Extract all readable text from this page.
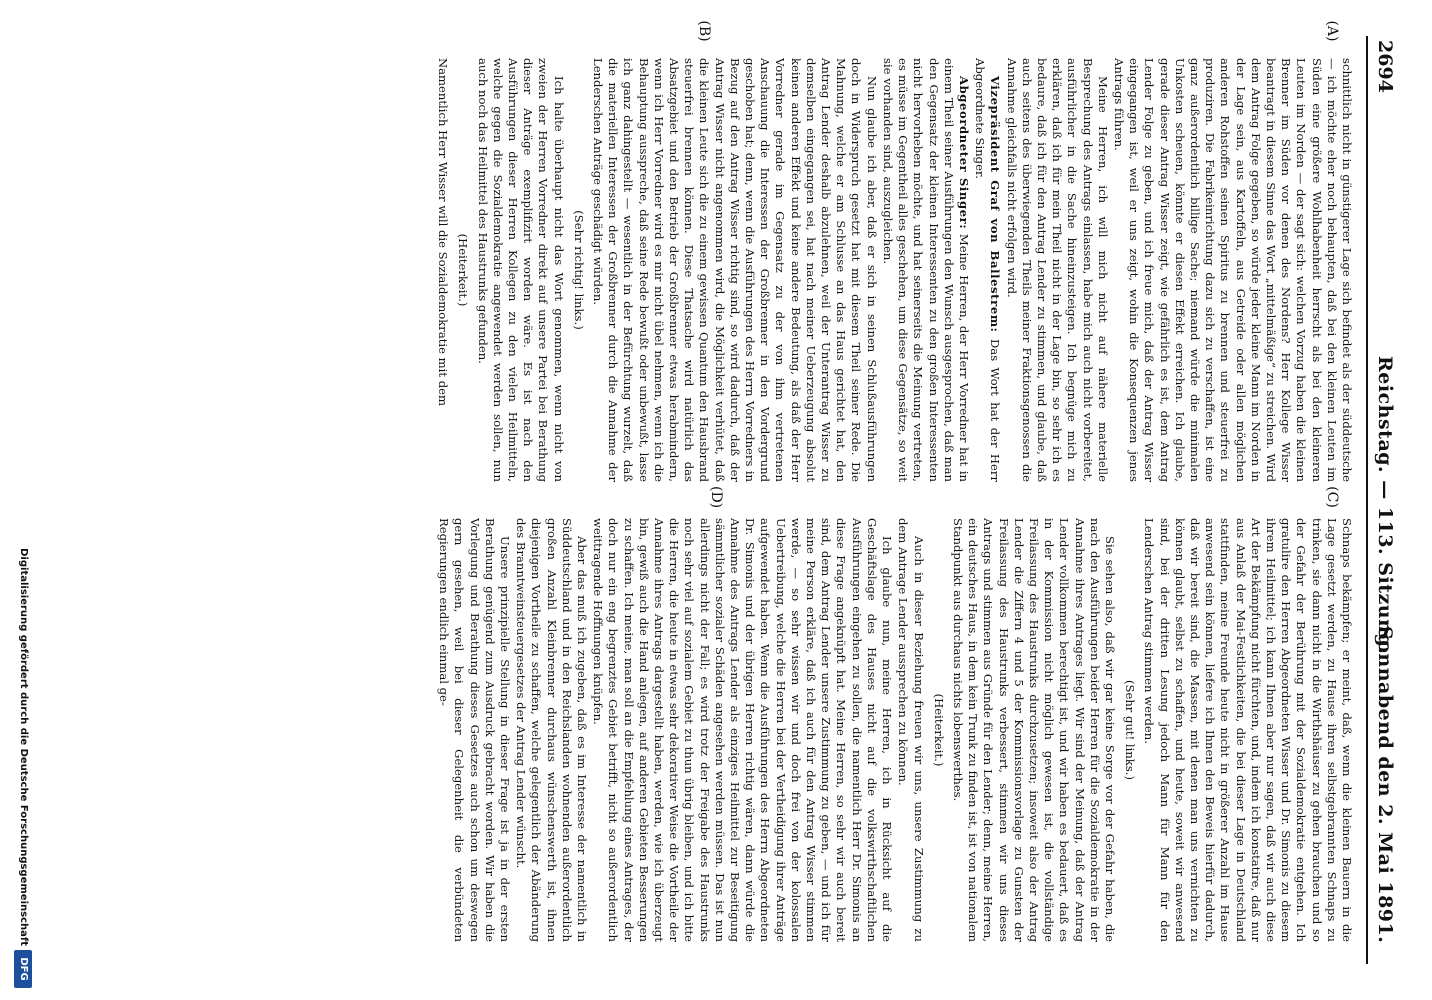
2694
Reichstag. — 113. Sitzung.
Sonnabend den 2. Mai 1891.
(A)
(B)
(C)
(D)

schnittlich nicht in günstigerer Lage sich befindet als der süddeutsche — ich möchte eher noch behaupten, daß bei den kleinen Leuten im Süden eine größere Wohlhabenheit herrscht als bei den kleineren Leuten im Norden — der sagt sich: welchen Vorzug haben die kleinen Brenner im Süden vor denen des Nordens? Herr Kollege Wisser beantragt in diesem Sinne das Wort „mittelmäßige“ zu streichen. Wird dem Antrag Folge gegeben, so würde jeder kleine Mann im Norden in der Lage sein, aus Kartoffeln, aus Getreide oder allen möglichen anderen Rohstoffen seinen Spiritus zu brennen und steuerfrei zu produziren. Die Fabrikeinrichtung dazu sich zu verschaffen, ist eine ganz außerordentlich billige Sache; niemand würde die minimalen Unkosten scheuen, könnte er diesen Effekt erreichen. Ich glaube, gerade dieser Antrag Wisser zeigt, wie gefährlich es ist, dem Antrag Lender Folge zu geben, und ich freue mich, daß der Antrag Wisser eingegangen ist, weil er uns zeigt, wohin die Konsequenzen jenes Antrags führen.

Meine Herren, ich will mich nicht auf nähere materielle Besprechung des Antrags einlassen, habe mich auch nicht vorbereitet, ausführlicher in die Sache hineinzusteigen. Ich begnüge mich zu erklären, daß ich für mein Theil nicht in der Lage bin, so sehr ich es bedaure, daß ich für den Antrag Lender zu stimmen, und glaube, daß auch seitens des überwiegenden Theils meiner Fraktionsgenossen die Annahme gleichfalls nicht erfolgen wird.

Vizepräsident Graf von Ballestrem: Das Wort hat der Herr Abgeordnete Singer.

Abgeordneter Singer: Meine Herren, der Herr Vorredner hat in einem Theil seiner Ausführungen den Wunsch ausgesprochen, daß man den Gegensatz der kleinen Interessenten zu den großen Interessenten nicht hervorheben möchte, und hat seinerseits die Meinung vertreten, es müsse im Gegentheil alles geschehen, um diese Gegensätze, so weit sie vorhanden sind, auszugleichen.

Nun glaube ich aber, daß er sich in seinen Schlußausführungen doch in Widerspruch gesetzt hat mit diesem Theil seiner Rede. Die Mahnung, welche er am Schlusse an das Haus gerichtet hat, den Antrag Lender deshalb abzulehnen, weil der Unterantrag Wisser zu demselben eingegangen sei, hat nach meiner Ueberzeugung absolut keinen anderen Effekt und keine andere Bedeutung, als daß der Herr Vorredner gerade im Gegensatz zu der von ihm vertretenen Anschauung die Interessen der Großbrenner in den Vordergrund geschoben hat; denn, wenn die Ausführungen des Herrn Vorredners in Bezug auf den Antrag Wisser richtig sind, so wird dadurch, daß der Antrag Wisser nicht angenommen wird, die Möglichkeit verhütet, daß die kleinen Leute sich die zu einem gewissen Quantum den Hausbrand steuerfrei brennen können. Diese Thatsache wird natürlich das Absatzgebiet und den Betrieb der Großbrenner etwas herabmindern, wenn ich Herr Vorredner wird es mir nicht übel nehmen, wenn ich die Behauptung ausspreche, daß seine Rede bewußt oder unbewußt, lasse ich ganz dahingestellt — wesentlich in der Befürchtung wurzelt, daß die materiellen Interessen der Großbrenner durch die Annahme der Lenderschen Anträge geschädigt würden.

(Sehr richtig! links.)

Ich halte überhaupt nicht das Wort genommen, wenn nicht von zweien der Herren Vorredner direkt auf unsere Partei bei Berathung dieser Anträge exemplifizirt worden wäre. Es ist nach den Ausführungen dieser Herren Kollegen zu den vielen Heilmitteln, welche gegen die Sozialdemokratie angewendet werden sollen, nun auch noch das Heilmittel des Haustrunks gefunden.

(Heiterkeit.)

Namentlich Herr Wisser will die Sozialdemokratie mit dem

Schnaps bekämpfen; er meint, daß, wenn die kleinen Bauern in die Lage gesetzt werden, zu Hause ihren selbstgebrannten Schnaps zu trinken, sie dann nicht in die Wirthshäuser zu gehen brauchen und so der Gefahr der Berührung mit der Sozialdemokratie entgehen. Ich gratulire den Herren Abgeordneten Wisser und Dr. Simonis zu diesem ihrem Heilmittel; ich kann Ihnen aber nur sagen, daß wir auch diese Art der Bekämpfung nicht fürchten, und, indem ich konstatire, daß nur aus Anlaß der Mai-Festlichkeiten, die bei dieser Lage in Deutschland stattfinden, meine Freunde heute nicht in größerer Anzahl im Hause anwesend sein können, liefere ich Ihnen den Beweis hierfür dadurch, daß wir bereit sind, die Massen, mit denen man uns vernichten zu können glaubt, selbst zu schaffen, und heute, soweit wir anwesend sind, bei der dritten Lesung jedoch Mann für Mann für den Lenderschen Antrag stimmen werden.

(Sehr gut! links.)

Sie sehen also, daß wir gar keine Sorge vor der Gefahr haben, die nach den Ausführungen beider Herren für die Sozialdemokratie in der Annahme ihres Antrages liegt. Wir sind der Meinung, daß der Antrag Lender vollkommen berechtigt ist, und wir haben es bedauert, daß es in der Kommission nicht möglich gewesen ist, die vollständige Freilassung des Haustrunks durchzusetzen; insoweit also der Antrag Lender die Ziffern 4 und 5 der Kommissionsvorlage zu Gunsten der Freilassung des Haustrunks verbessert, stimmen wir uns dieses Antrags und stimmen aus Gründe für den Lender; denn, meine Herren, ein deutsches Haus, in dem kein Trunk zu finden ist, ist von nationalem Standpunkt aus durchaus nichts lobenswerthes.

(Heiterkeit.)

Auch in dieser Beziehung freuen wir uns, unsere Zustimmung zu dem Antrage Lender aussprechen zu können.

Ich glaube nun, meine Herren, ich in Rücksicht auf die Geschäftslage des Hauses nicht auf die volkswirthschaftlichen Ausführungen eingehen zu sollen, die namentlich Herr Dr. Simonis an diese Frage angeknüpft hat. Meine Herren, so sehr wir auch bereit sind, dem Antrag Lender unsere Zustimmung zu geben, — und ich für meine Person erkläre, daß ich auch für den Antrag Wisser stimmen werde, — so sehr wissen wir und doch frei von der kolossalen Uebertreibung, welche die Herren bei der Vertheidigung ihrer Anträge aufgewendet haben. Wenn die Ausführungen des Herrn Abgeordneten Dr. Simonis und der übrigen Herren richtig wären, dann würde die Annahme des Antrags Lender als einziges Heilmittel zur Beseitigung sämmtlicher sozialer Schäden angesehen werden müssen. Das ist nun allerdings nicht der Fall; es wird trotz der Freigabe des Haustrunks noch sehr viel auf sozialem Gebiet zu thun übrig bleiben, und ich bitte die Herren, die heute in etwas sehr dekorativer Weise die Vortheile der Annahme ihres Antrags dargestellt haben, werden, wie ich überzeugt bin, gewiß auch die Hand anlegen, auf anderen Gebieten Besserungen zu schaffen. Ich meine, man soll an die Empfehlung eines Antrages, der doch nur ein eng begrenztes Gebiet betrifft, nicht so außerordentlich weittragende Hoffnungen knüpfen.

Aber das muß ich zugeben, daß es im Interesse der namentlich in Süddeutschland und in den Reichslanden wohnenden außerordentlich großen Anzahl Kleinbrenner durchaus wünschenswerth ist, ihnen diejenigen Vortheile zu schaffen, welche gelegentlich der Abänderung des Branntweinsteuergesetzes der Antrag Lender wünscht.

Unsere prinzipielle Stellung in dieser Frage ist ja in der ersten Berathung genügend zum Ausdruck gebracht worden. Wir haben die Vorlegung und Berathung dieses Gesetzes auch schon um deswegen gern gesehen, weil bei dieser Gelegenheit die verbündeten Regierungen endlich einmal ge-

Digitalisierung gefördert durch die Deutsche Forschungsgemeinschaft
DFG
